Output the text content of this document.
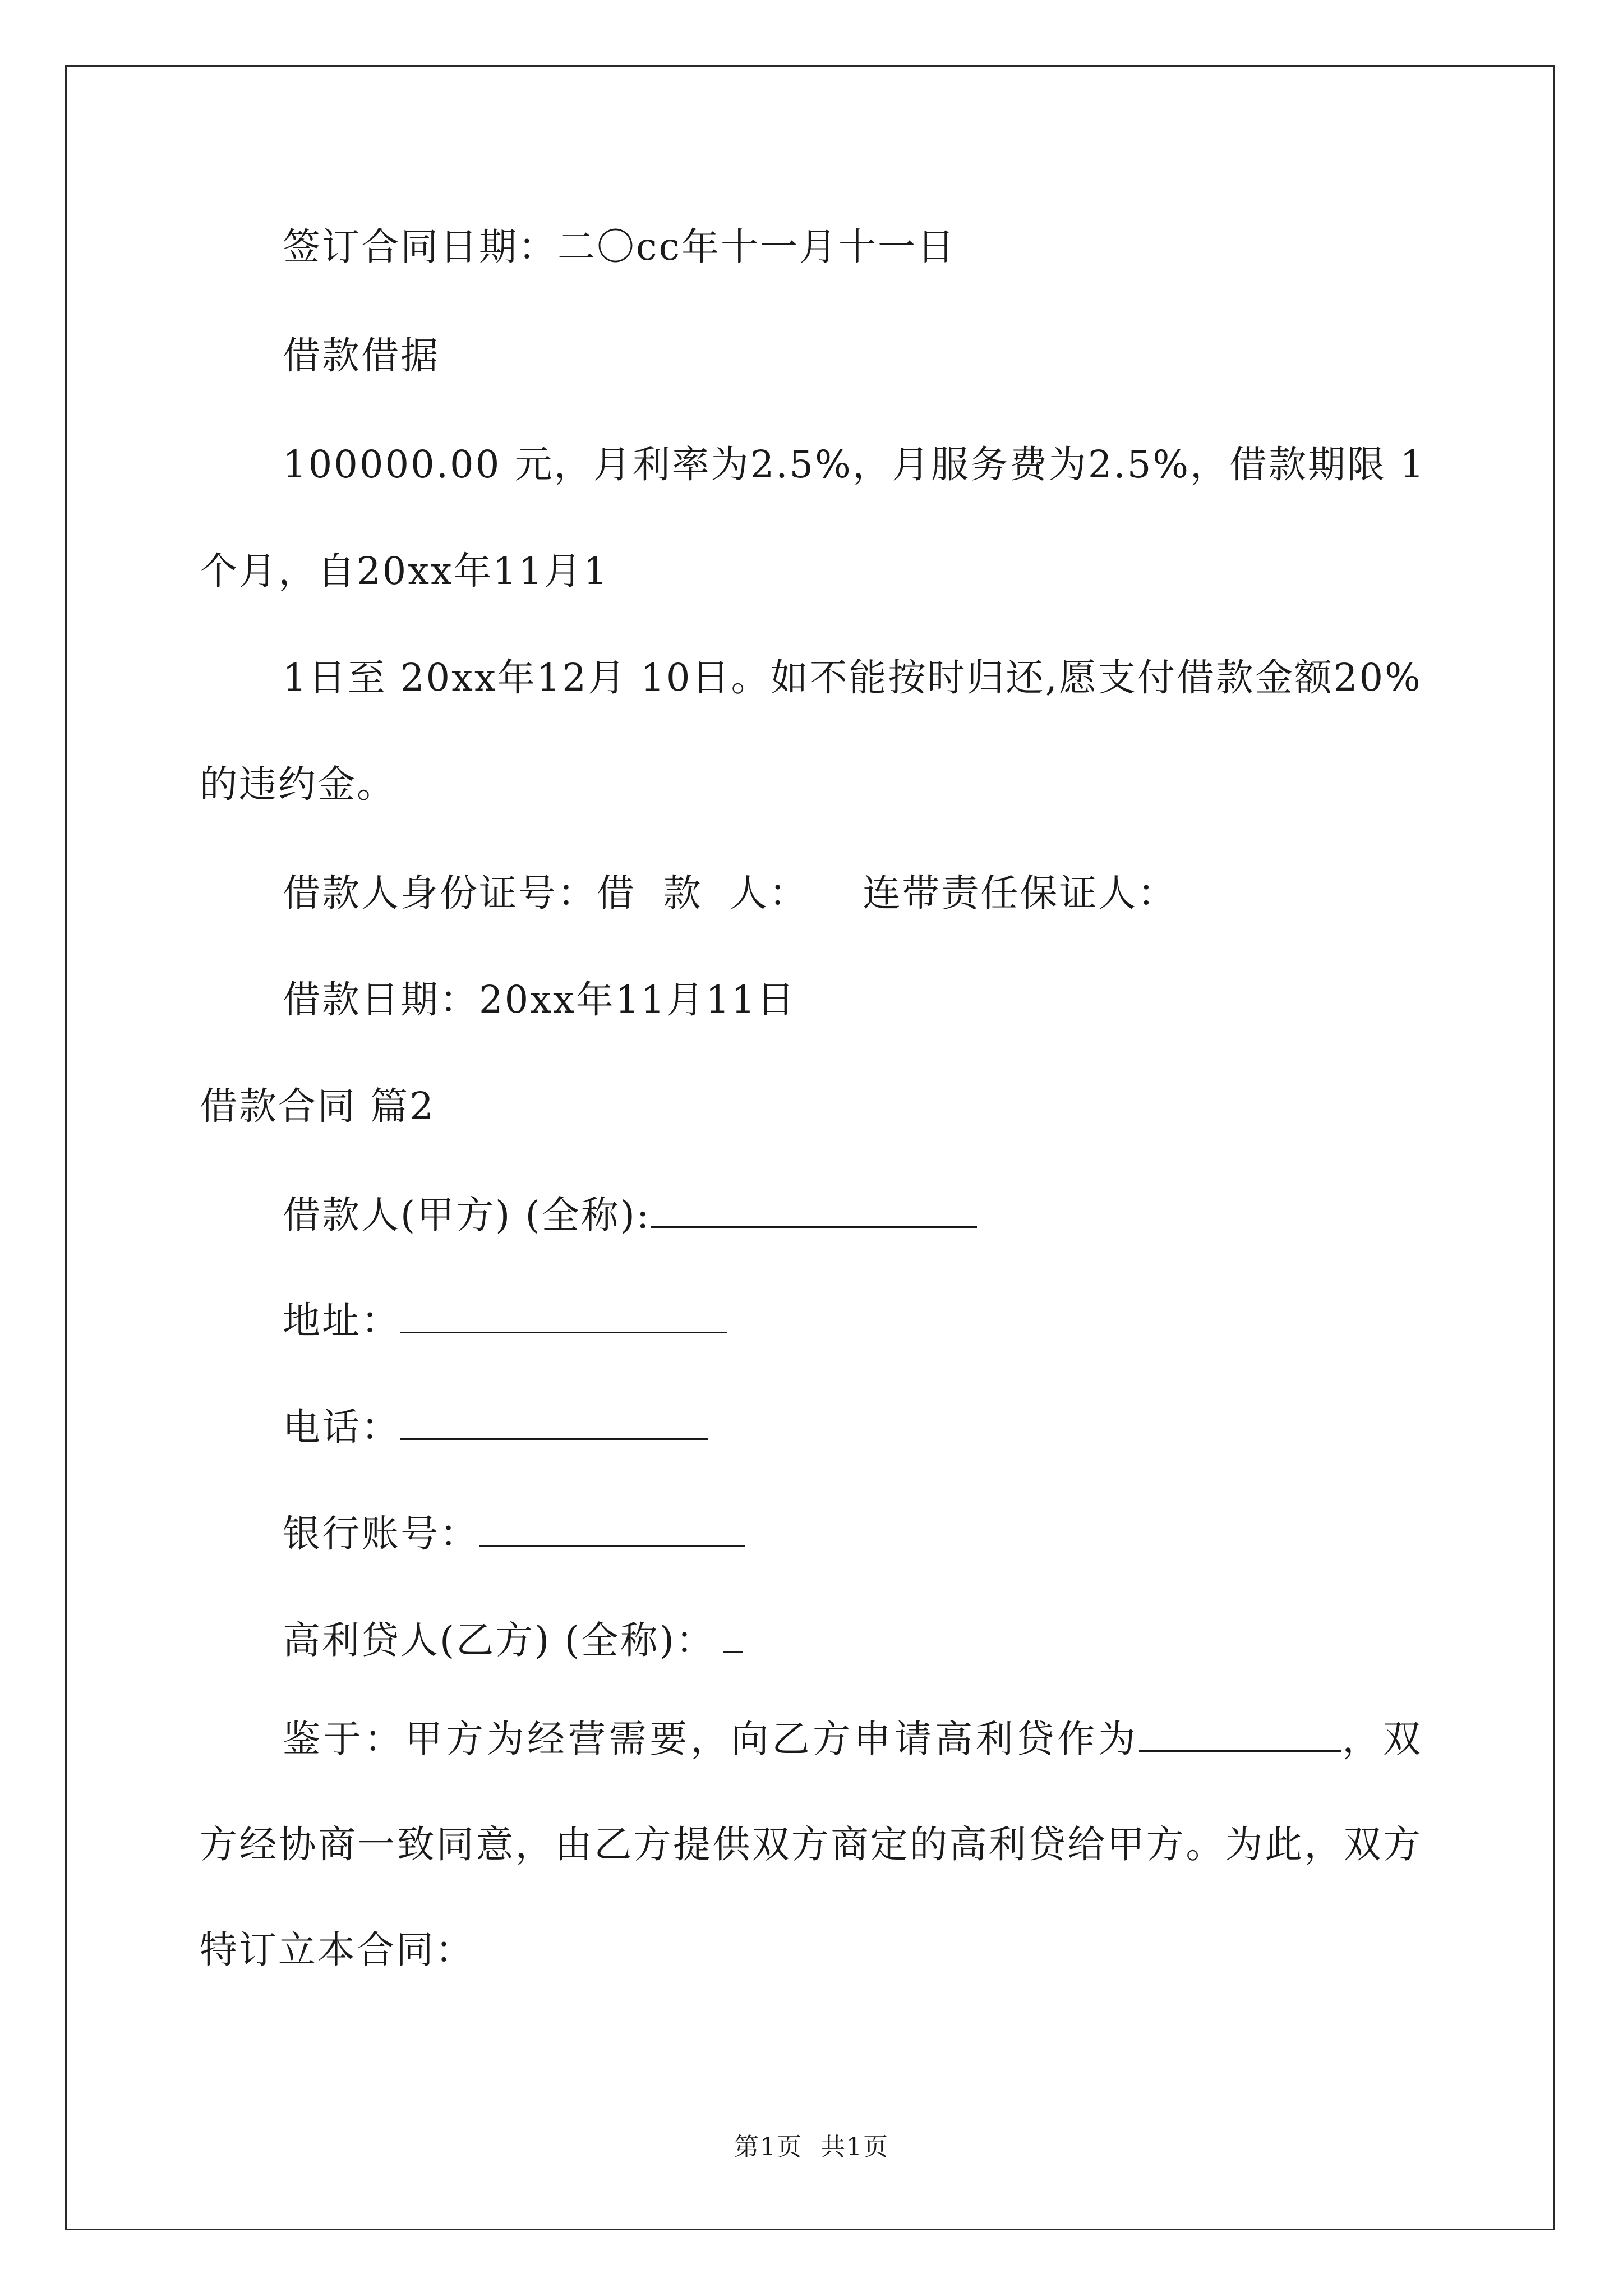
签订合同日期：二〇cc年十一月十一日
借款借据
100000.00 元，月利率为2.5%，月服务费为2.5%，借款期限 1
个月，自20xx年11月1
1日至 20xx年12月 10日。如不能按时归还,愿支付借款金额20%
的违约金。
借款人身份证号：借  款  人：    连带责任保证人：
借款日期：20xx年11月11日
借款合同 篇2
借款人(甲方) (全称):
地址：
电话：
银行账号：
高利贷人(乙方) (全称)：
鉴于：甲方为经营需要，向乙方申请高利贷作为	，双方经协商一致同意，由乙方提供双方商定的高利贷给甲方。为此，双方特订立本合同：
第1页  共1页
